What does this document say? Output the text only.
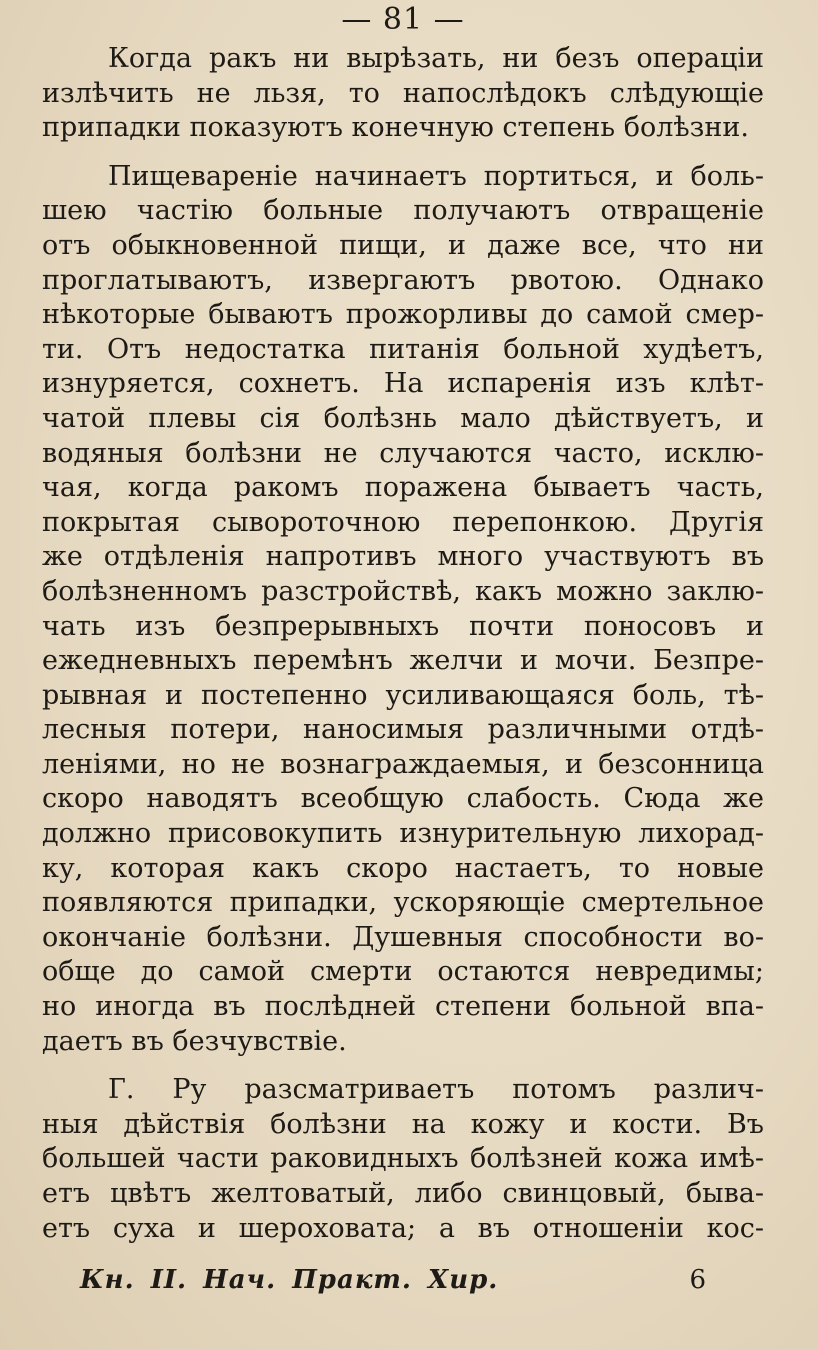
— 81 —
Когда ракъ ни вырѣзать, ни безъ операцiи
излѣчить не льзя, то напослѣдокъ слѣдующiе
припадки показуютъ конечную степень болѣзни.
Пищеваренiе начинаетъ портиться, и боль-
шею частiю больные получаютъ отвращенiе
отъ обыкновенной пищи, и даже все, что ни
проглатываютъ, извергаютъ рвотою. Однако
нѣкоторые бываютъ прожорливы до самой смер-
ти. Отъ недостатка питанiя больной худѣетъ,
изнуряется, сохнетъ. На испаренiя изъ клѣт-
чатой плевы сiя болѣзнь мало дѣйствуетъ, и
водяныя болѣзни не случаются часто, исклю-
чая, когда ракомъ поражена бываетъ часть,
покрытая сывороточною перепонкою. Другiя
же отдѣленiя напротивъ много участвуютъ въ
болѣзненномъ разстройствѣ, какъ можно заклю-
чать изъ безпрерывныхъ почти поносовъ и
ежедневныхъ перемѣнъ желчи и мочи. Безпре-
рывная и постепенно усиливающаяся боль, тѣ-
лесныя потери, наносимыя различными отдѣ-
ленiями, но не вознаграждаемыя, и безсонница
скоро наводятъ всеобщую слабость. Сюда же
должно присовокупить изнурительную лихорад-
ку, которая какъ скоро настаетъ, то новые
появляются припадки, ускоряющiе смертельное
окончанiе болѣзни. Душевныя способности во-
обще до самой смерти остаются невредимы;
но иногда въ послѣдней степени больной впа-
даетъ въ безчувствiе.
Г. Ру разсматриваетъ потомъ различ-
ныя дѣйствiя болѣзни на кожу и кости. Въ
большей части раковидныхъ болѣзней кожа имѣ-
етъ цвѣтъ желтоватый, либо свинцовый, быва-
етъ суха и шероховата; а въ отношенiи кос-
Кн. II. Нач. Практ. Хир.	6
